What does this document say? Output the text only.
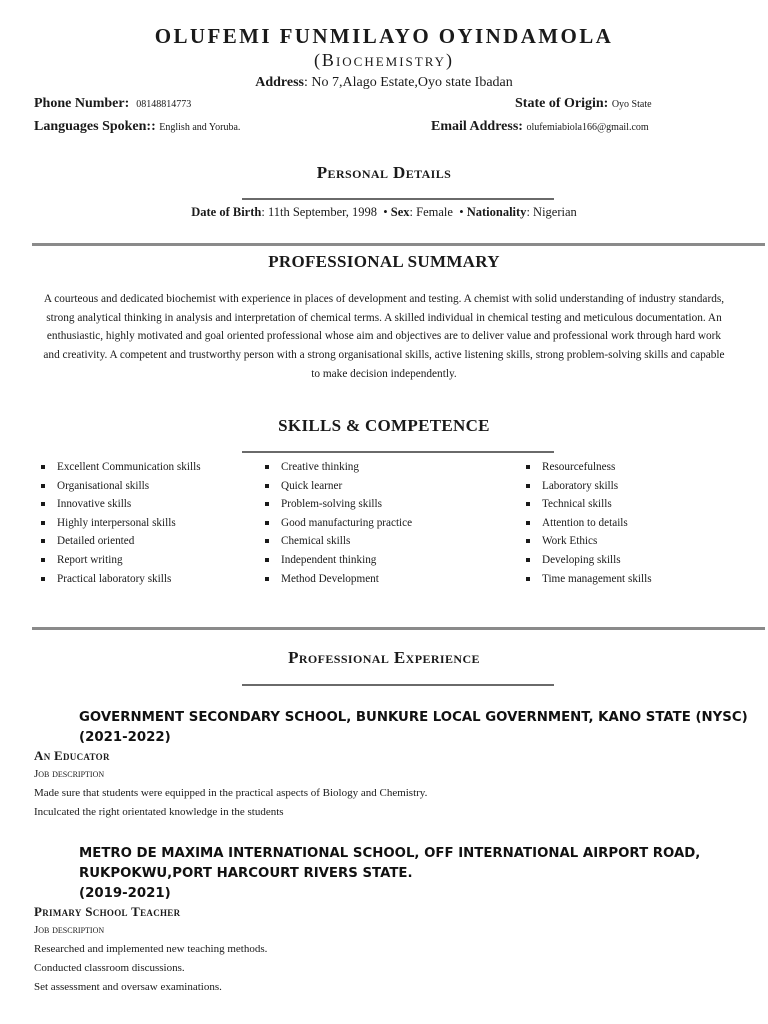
OLUFEMI FUNMILAYO OYINDAMOLA
(Biochemistry)
Address: No 7,Alago Estate,Oyo state Ibadan
Phone Number: 08148814773	State of Origin: Oyo State
Languages Spoken:: English and Yoruba.	Email Address: olufemiabiola166@gmail.com
Personal Details
Date of Birth: 11th September, 1998 • Sex: Female • Nationality: Nigerian
PROFESSIONAL SUMMARY
A courteous and dedicated biochemist with experience in places of development and testing. A chemist with solid understanding of industry standards, strong analytical thinking in analysis and interpretation of chemical terms. A skilled individual in chemical testing and meticulous documentation. An enthusiastic, highly motivated and goal oriented professional whose aim and objectives are to deliver value and professional work through hard work and creativity. A competent and trustworthy person with a strong organisational skills, active listening skills, strong problem-solving skills and capable to make decision independently.
SKILLS & COMPETENCE
Excellent Communication skills
Organisational skills
Innovative skills
Highly interpersonal skills
Detailed oriented
Report writing
Practical laboratory skills
Creative thinking
Quick learner
Problem-solving skills
Good manufacturing practice
Chemical skills
Independent thinking
Method Development
Resourcefulness
Laboratory skills
Technical skills
Attention to details
Work Ethics
Developing skills
Time management skills
Professional Experience
GOVERNMENT SECONDARY SCHOOL, BUNKURE LOCAL GOVERNMENT, KANO STATE (NYSC)
(2021-2022)
An Educator
Job description
Made sure that students were equipped in the practical aspects of Biology and Chemistry.
Inculcated the right orientated knowledge in the students
METRO DE MAXIMA INTERNATIONAL SCHOOL, OFF INTERNATIONAL AIRPORT ROAD,
RUKPOKWU,PORT HARCOURT RIVERS STATE.
(2019-2021)
Primary School Teacher
Job description
Researched and implemented new teaching methods.
Conducted classroom discussions.
Set assessment and oversaw examinations.
